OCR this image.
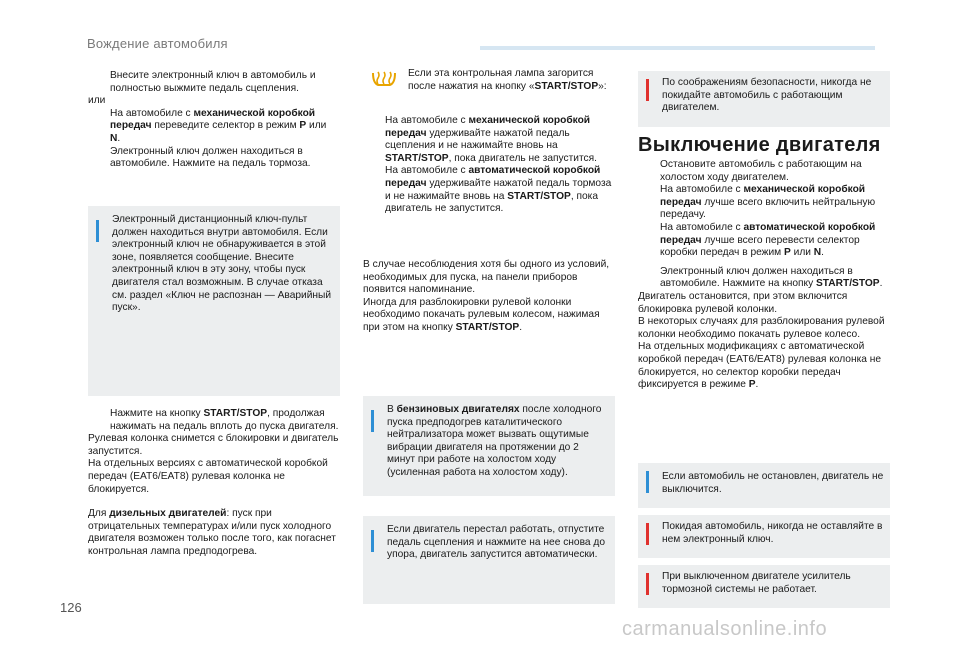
Вождение автомобиля
Внесите электронный ключ в автомобиль и полностью выжмите педаль сцепления.
или
На автомобиле с механической коробкой передач переведите селектор в режим P или N.
Электронный ключ должен находиться в автомобиле. Нажмите на педаль тормоза.
Электронный дистанционный ключ-пульт должен находиться внутри автомобиля. Если электронный ключ не обнаруживается в этой зоне, появляется сообщение. Внесите электронный ключ в эту зону, чтобы пуск двигателя стал возможным. В случае отказа см. раздел «Ключ не распознан — Аварийный пуск».
Нажмите на кнопку START/STOP, продолжая нажимать на педаль вплоть до пуска двигателя.
Рулевая колонка снимется с блокировки и двигатель запустится.
На отдельных версиях с автоматической коробкой передач (EAT6/EAT8) рулевая колонка не блокируется.
Для дизельных двигателей: пуск при отрицательных температурах и/или пуск холодного двигателя возможен только после того, как погаснет контрольная лампа предподогрева.
Если эта контрольная лампа загорится после нажатия на кнопку «START/STOP»:
На автомобиле с механической коробкой передач удерживайте нажатой педаль сцепления и не нажимайте вновь на START/STOP, пока двигатель не запустится.
На автомобиле с автоматической коробкой передач удерживайте нажатой педаль тормоза и не нажимайте вновь на START/STOP, пока двигатель не запустится.
В случае несоблюдения хотя бы одного из условий, необходимых для пуска, на панели приборов появится напоминание.
Иногда для разблокировки рулевой колонки необходимо покачать рулевым колесом, нажимая при этом на кнопку START/STOP.
В бензиновых двигателях после холодного пуска предподогрев каталитического нейтрализатора может вызвать ощутимые вибрации двигателя на протяжении до 2 минут при работе на холостом ходу (усиленная работа на холостом ходу).
Если двигатель перестал работать, отпустите педаль сцепления и нажмите на нее снова до упора, двигатель запустится автоматически.
По соображениям безопасности, никогда не покидайте автомобиль с работающим двигателем.
Выключение двигателя
Остановите автомобиль с работающим на холостом ходу двигателем.
На автомобиле с механической коробкой передач лучше всего включить нейтральную передачу.
На автомобиле с автоматической коробкой передач лучше всего перевести селектор коробки передач в режим P или N.
Электронный ключ должен находиться в автомобиле. Нажмите на кнопку START/STOP.
Двигатель остановится, при этом включится блокировка рулевой колонки.
В некоторых случаях для разблокирования рулевой колонки необходимо покачать рулевое колесо.
На отдельных модификациях с автоматической коробкой передач (EAT6/EAT8) рулевая колонка не блокируется, но селектор коробки передач фиксируется в режиме P.
Если автомобиль не остановлен, двигатель не выключится.
Покидая автомобиль, никогда не оставляйте в нем электронный ключ.
При выключенном двигателе усилитель тормозной системы не работает.
126
carmanualsonline.info
